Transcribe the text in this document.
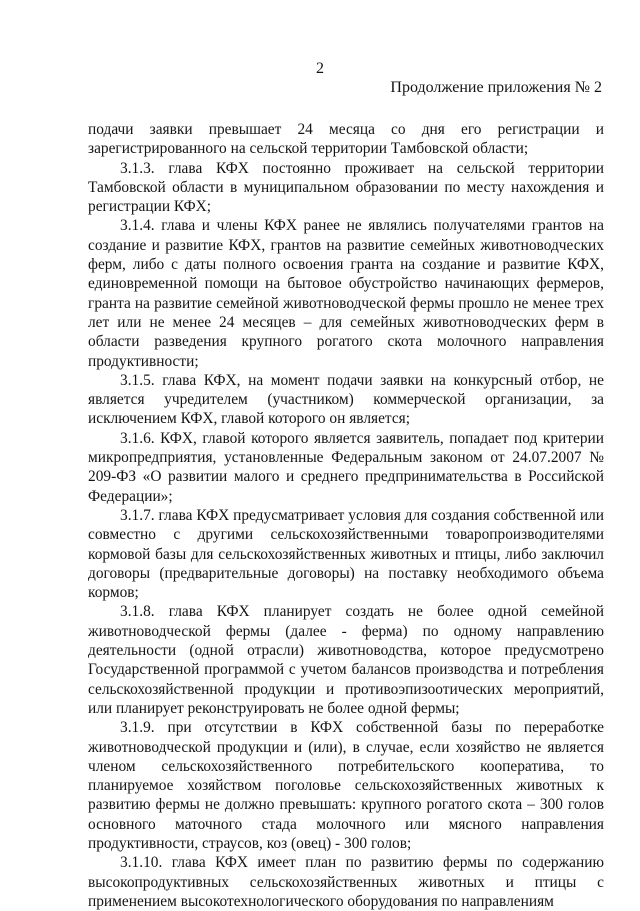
2
Продолжение приложения № 2

подачи заявки превышает 24 месяца со дня его регистрации и зарегистрированного на сельской территории Тамбовской области;

3.1.3. глава КФХ постоянно проживает на сельской территории Тамбовской области в муниципальном образовании по месту нахождения и регистрации КФХ;

3.1.4. глава и члены КФХ ранее не являлись получателями грантов на создание и развитие КФХ, грантов на развитие семейных животноводческих ферм, либо с даты полного освоения гранта на создание и развитие КФХ, единовременной помощи на бытовое обустройство начинающих фермеров, гранта на развитие семейной животноводческой фермы прошло не менее трех лет или не менее 24 месяцев – для семейных животноводческих ферм в области разведения крупного рогатого скота молочного направления продуктивности;

3.1.5. глава КФХ, на момент подачи заявки на конкурсный отбор, не является учредителем (участником) коммерческой организации, за исключением КФХ, главой которого он является;

3.1.6. КФХ, главой которого является заявитель, попадает под критерии микропредприятия, установленные Федеральным законом от 24.07.2007 № 209-ФЗ «О развитии малого и среднего предпринимательства в Российской Федерации»;

3.1.7. глава КФХ предусматривает условия для создания собственной или совместно с другими сельскохозяйственными товаропроизводителями кормовой базы для сельскохозяйственных животных и птицы, либо заключил договоры (предварительные договоры) на поставку необходимого объема кормов;

3.1.8. глава КФХ планирует создать не более одной семейной животноводческой фермы (далее - ферма) по одному направлению деятельности (одной отрасли) животноводства, которое предусмотрено Государственной программой с учетом балансов производства и потребления сельскохозяйственной продукции и противоэпизоотических мероприятий, или планирует реконструировать не более одной фермы;

3.1.9. при отсутствии в КФХ собственной базы по переработке животноводческой продукции и (или), в случае, если хозяйство не является членом сельскохозяйственного потребительского кооператива, то планируемое хозяйством поголовье сельскохозяйственных животных к развитию фермы не должно превышать: крупного рогатого скота – 300 голов основного маточного стада молочного или мясного направления продуктивности, страусов, коз (овец) - 300 голов;

3.1.10. глава КФХ имеет план по развитию фермы по содержанию высокопродуктивных сельскохозяйственных животных и птицы с применением высокотехнологического оборудования по направлениям
